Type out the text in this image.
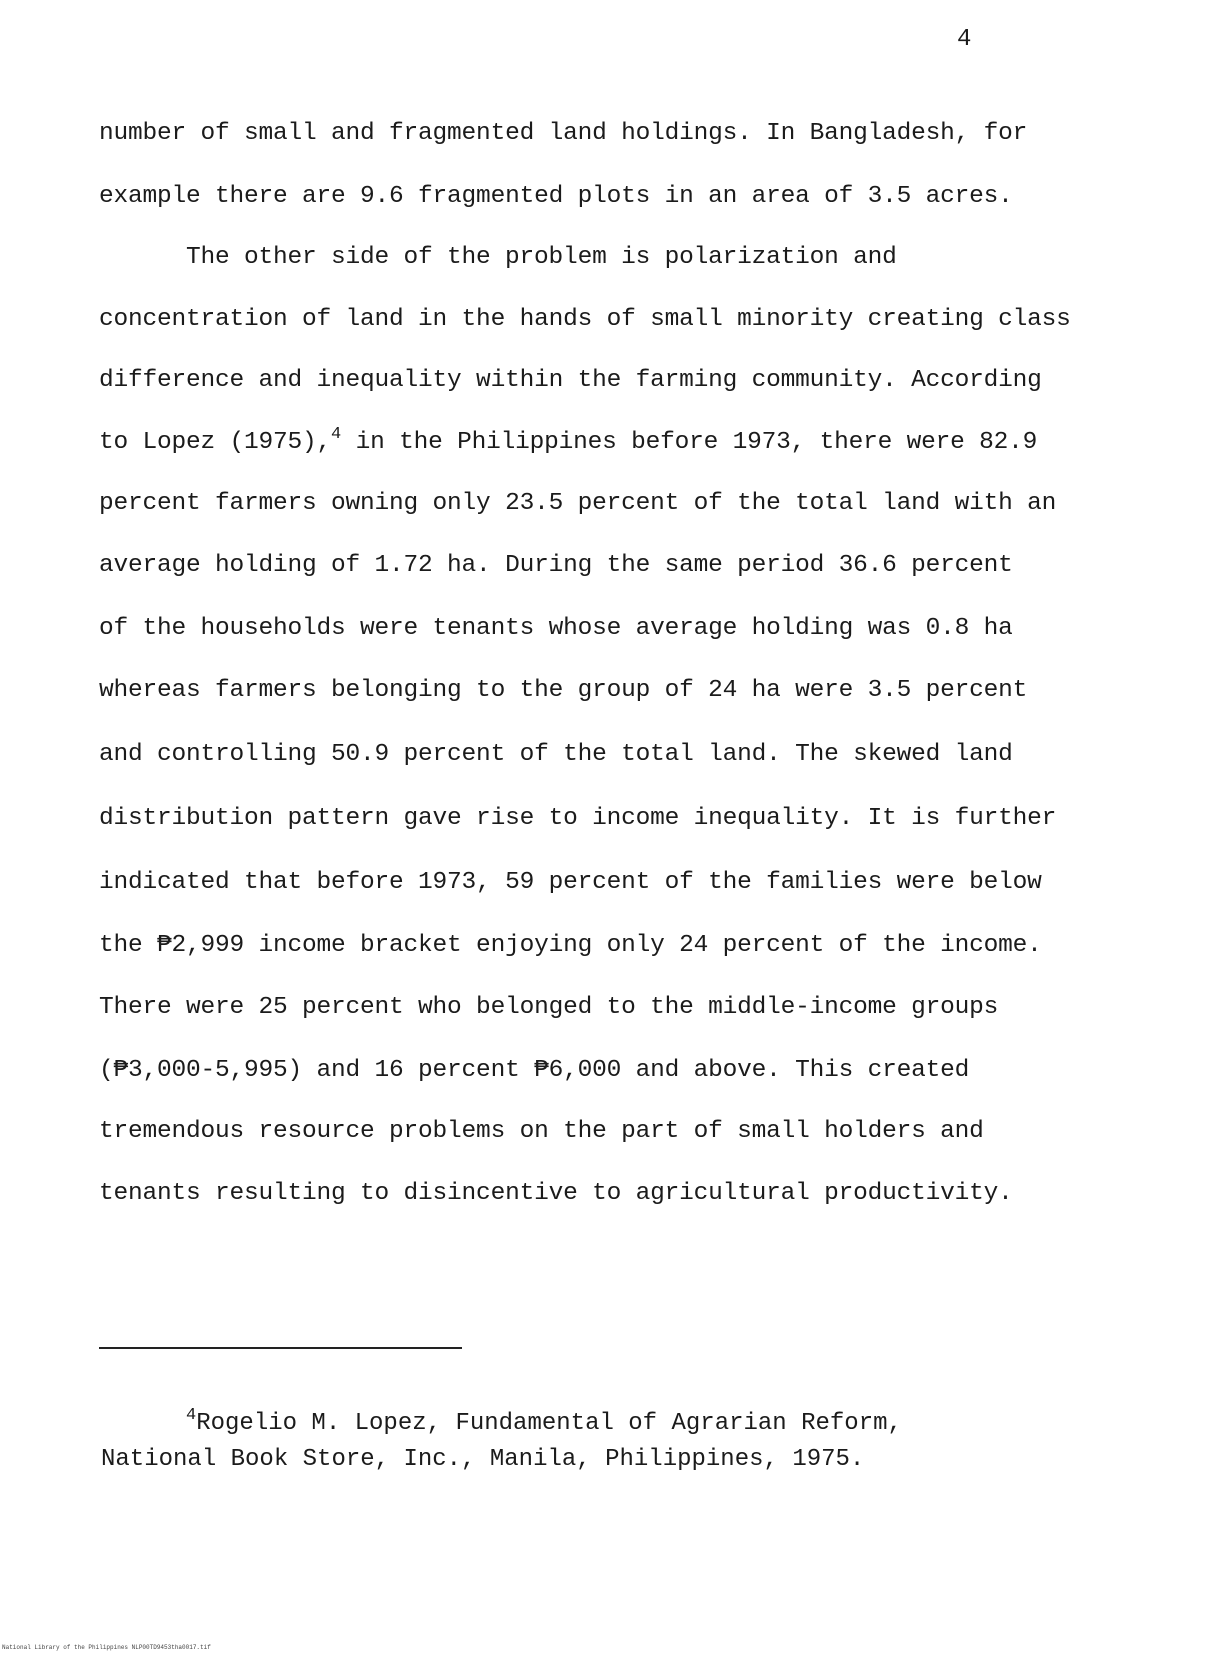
4
number of small and fragmented land holdings. In Bangladesh, for
example there are 9.6 fragmented plots in an area of 3.5 acres.
The other side of the problem is polarization and
concentration of land in the hands of small minority creating class
difference and inequality within the farming community. According
to Lopez (1975),$^4$ in the Philippines before 1973, there were 82.9
percent farmers owning only 23.5 percent of the total land with an
average holding of 1.72 ha. During the same period 36.6 percent
of the households were tenants whose average holding was 0.8 ha
whereas farmers belonging to the group of 24 ha were 3.5 percent
and controlling 50.9 percent of the total land. The skewed land
distribution pattern gave rise to income inequality. It is further
indicated that before 1973, 59 percent of the families were below
the ₱2,999 income bracket enjoying only 24 percent of the income.
There were 25 percent who belonged to the middle-income groups
(₱3,000-5,995) and 16 percent ₱6,000 and above. This created
tremendous resource problems on the part of small holders and
tenants resulting to disincentive to agricultural productivity.
$^4$Rogelio M. Lopez, Fundamental of Agrarian Reform,
National Book Store, Inc., Manila, Philippines, 1975.
National Library of the Philippines NLP00TD9453tha0017.tif
